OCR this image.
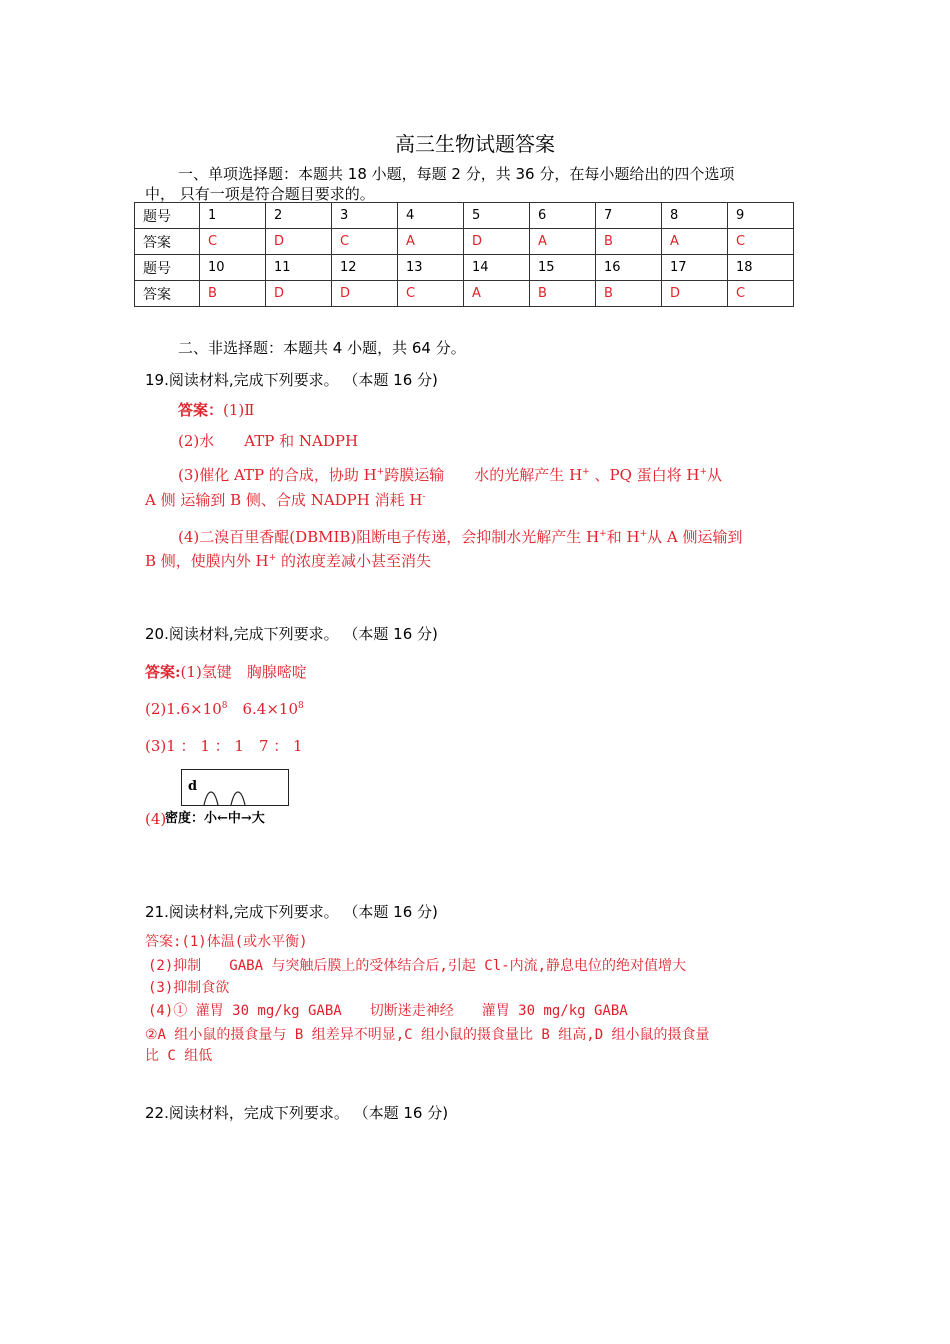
高三生物试题答案
一、单项选择题：本题共 18 小题，每题 2 分，共 36 分，在每小题给出的四个选项
中， 只有一项是符合题目要求的。
题号	1	2	3	4	5	6	7	8	9
答案	C	D	C	A	D	A	B	A	C
题号	10	11	12	13	14	15	16	17	18
答案	B	D	D	C	A	B	B	D	C
二、非选择题：本题共 4 小题，共 64 分。
19.阅读材料,完成下列要求。 （本题 16 分)
答案：(1)Ⅱ
(2)水　　ATP 和 NADPH
(3)催化 ATP 的合成，协助 H+跨膜运输　　水的光解产生 H+ 、PQ 蛋白将 H+从
A 侧 运输到 B 侧、合成 NADPH 消耗 H-
(4)二溴百里香醌(DBMIB)阻断电子传递，会抑制水光解产生 H+和 H+从 A 侧运输到
B 侧，使膜内外 H+ 的浓度差减小甚至消失
20.阅读材料,完成下列要求。 （本题 16 分)
答案:(1)氢键　胸腺嘧啶
$(2)1.6\times 10^8$　$6.4\times 10^8$
(3)1 ： 1 ： 1　7 ： 1
d
(4)
密度：小←中→大
21.阅读材料,完成下列要求。 （本题 16 分)
答案:(1)体温(或水平衡)
(2)抑制　　GABA 与突触后膜上的受体结合后,引起 Cl-内流,静息电位的绝对值增大
(3)抑制食欲
(4)① 灌胃 30 mg/kg GABA　　切断迷走神经　　灌胃 30 mg/kg GABA
②A 组小鼠的摄食量与 B 组差异不明显,C 组小鼠的摄食量比 B 组高,D 组小鼠的摄食量
比 C 组低
22.阅读材料，完成下列要求。 （本题 16 分)
